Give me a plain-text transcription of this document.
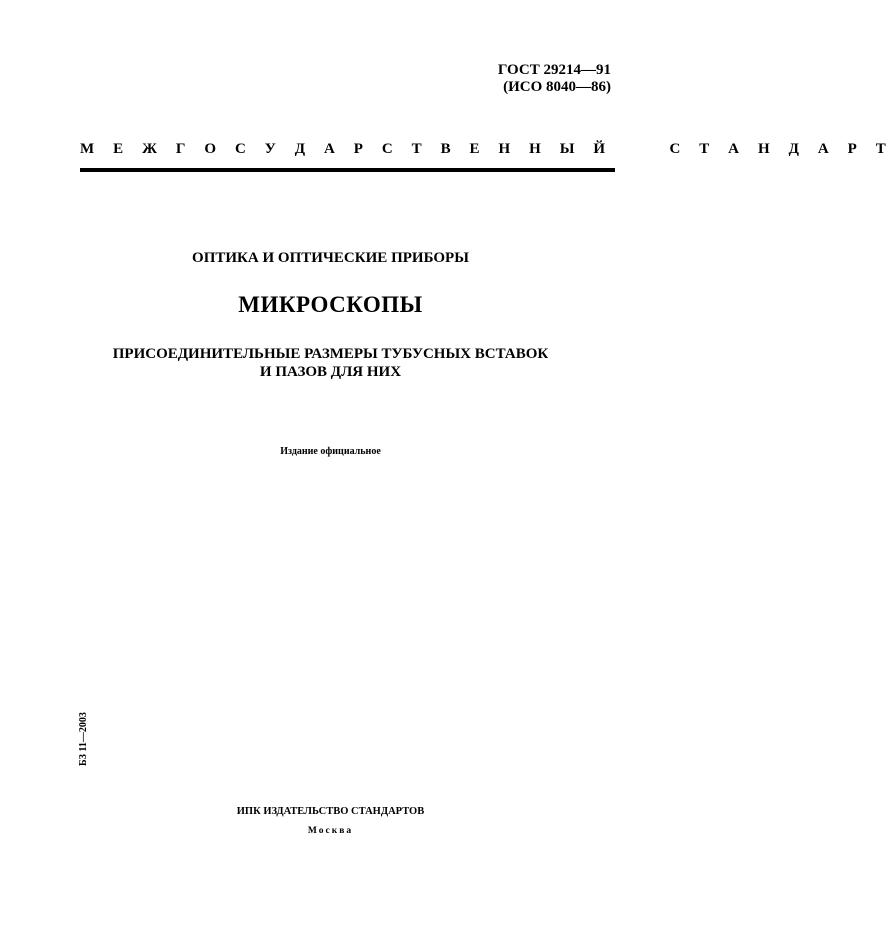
ГОСТ 29214—91
(ИСО 8040—86)
М Е Ж Г О С У Д А Р С Т В Е Н Н Ы Й     С Т А Н Д А Р Т
ОПТИКА И ОПТИЧЕСКИЕ ПРИБОРЫ
МИКРОСКОПЫ
ПРИСОЕДИНИТЕЛЬНЫЕ РАЗМЕРЫ ТУБУСНЫХ ВСТАВОК
И ПАЗОВ ДЛЯ НИХ
Издание официальное
БЗ 11—2003
ИПК ИЗДАТЕЛЬСТВО СТАНДАРТОВ
Москва
